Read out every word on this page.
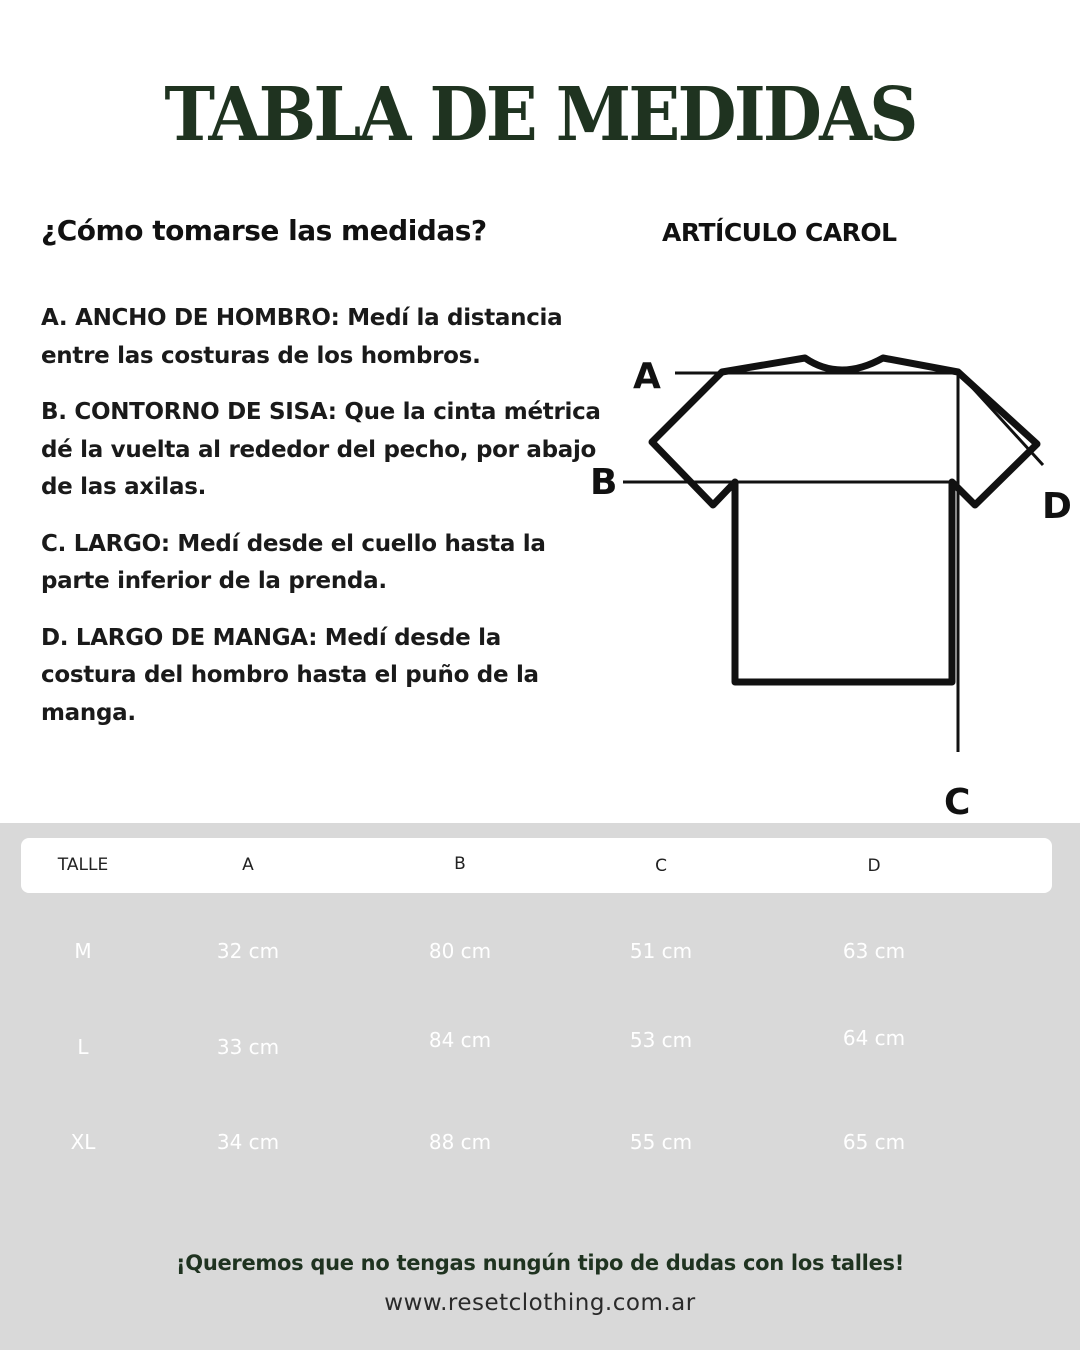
TABLA DE MEDIDAS
¿Cómo tomarse las medidas?	ARTÍCULO CAROL

A. ANCHO DE HOMBRO: Medí la distancia entre las costuras de los hombros.

B. CONTORNO DE SISA: Que la cinta métrica dé la vuelta al rededor del pecho, por abajo de las axilas.

C. LARGO: Medí desde el cuello hasta la parte inferior de la prenda.

D. LARGO DE MANGA: Medí desde la costura del hombro hasta el puño de la manga.

A
B
C
D
TALLE	A	B	C	D
M	32 cm	80 cm	51 cm	63 cm
L	33 cm	84 cm	53 cm	64 cm
XL	34 cm	88 cm	55 cm	65 cm
¡Queremos que no tengas nungún tipo de dudas con los talles!
www.resetclothing.com.ar
